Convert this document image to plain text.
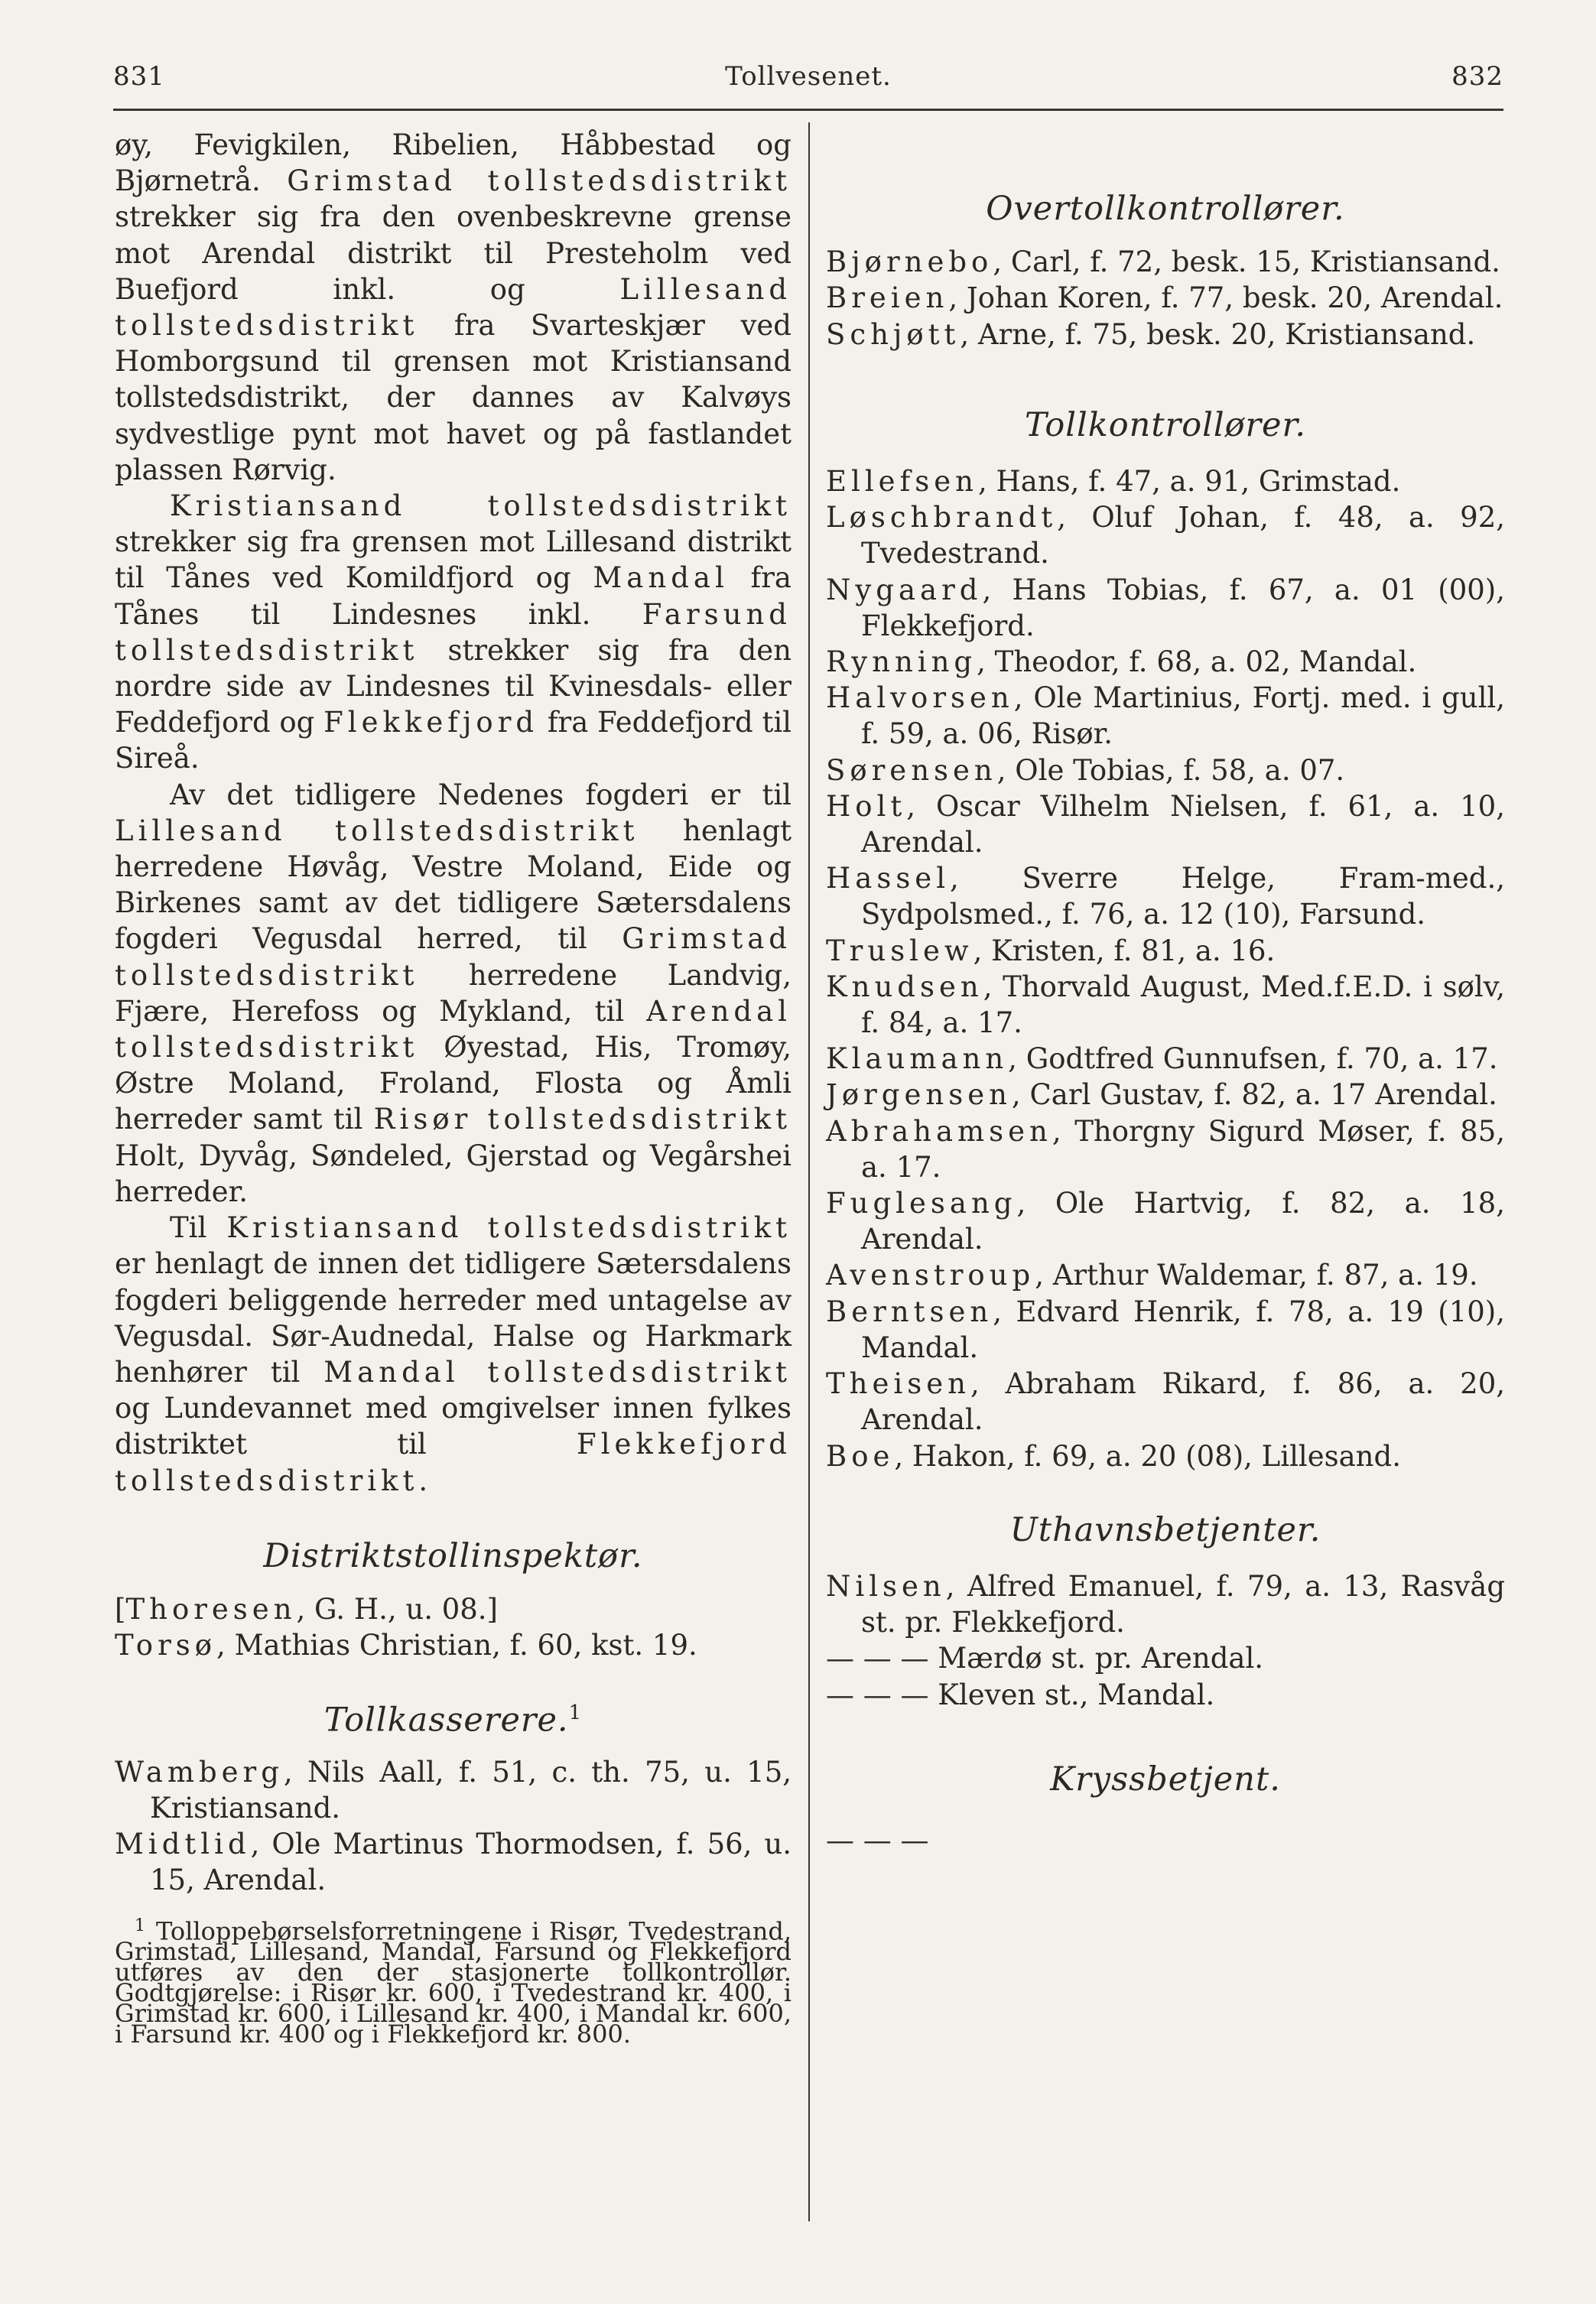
831	Tollvesenet.	832

øy, Fevigkilen, Ribelien, Håbbestad og Bjørnetrå. Grimstad tollstedsdistrikt strekker sig fra den ovenbeskrevne grense mot Arendal distrikt til Presteholm ved Buefjord inkl. og Lillesand tollstedsdistrikt fra Svarteskjær ved Homborgsund til grensen mot Kristiansand tollstedsdistrikt, der dannes av Kalvøys sydvestlige pynt mot havet og på fastlandet plassen Rørvig.

Kristiansand tollstedsdistrikt strekker sig fra grensen mot Lillesand distrikt til Tånes ved Komildfjord og Mandal fra Tånes til Lindesnes inkl. Farsund tollstedsdistrikt strekker sig fra den nordre side av Lindesnes til Kvinesdals- eller Feddefjord og Flekkefjord fra Feddefjord til Sireå.

Av det tidligere Nedenes fogderi er til Lillesand tollstedsdistrikt henlagt herredene Høvåg, Vestre Moland, Eide og Birkenes samt av det tidligere Sætersdalens fogderi Vegusdal herred, til Grimstad tollstedsdistrikt herredene Landvig, Fjære, Herefoss og Mykland, til Arendal tollstedsdistrikt Øyestad, His, Tromøy, Østre Moland, Froland, Flosta og Åmli herreder samt til Risør tollstedsdistrikt Holt, Dyvåg, Søndeled, Gjerstad og Vegårshei herreder.

Til Kristiansand tollstedsdistrikt er henlagt de innen det tidligere Sætersdalens fogderi beliggende herreder med untagelse av Vegusdal. Sør-Audnedal, Halse og Harkmark henhører til Mandal tollstedsdistrikt og Lundevannet med omgivelser innen fylkes distriktet til Flekkefjord tollstedsdistrikt.

Distriktstollinspektør.

[Thoresen, G. H., u. 08.]

Torsø, Mathias Christian, f. 60, kst. 19.

Tollkasserere.$^1$

Wamberg, Nils Aall, f. 51, c. th. 75, u. 15, Kristiansand.

Midtlid, Ole Martinus Thormodsen, f. 56, u. 15, Arendal.

$^1$ Tolloppebørselsforretningene i Risør, Tvedestrand, Grimstad, Lillesand, Mandal, Farsund og Flekkefjord utføres av den der stasjonerte tollkontrollør. Godtgjørelse: i Risør kr. 600, i Tvedestrand kr. 400, i Grimstad kr. 600, i Lillesand kr. 400, i Mandal kr. 600, i Farsund kr. 400 og i Flekkefjord kr. 800.

Overtollkontrollører.

Bjørnebo, Carl, f. 72, besk. 15, Kristiansand.

Breien, Johan Koren, f. 77, besk. 20, Arendal.

Schjøtt, Arne, f. 75, besk. 20, Kristiansand.

Tollkontrollører.

Ellefsen, Hans, f. 47, a. 91, Grimstad.

Løschbrandt, Oluf Johan, f. 48, a. 92, Tvedestrand.

Nygaard, Hans Tobias, f. 67, a. 01 (00), Flekkefjord.

Rynning, Theodor, f. 68, a. 02, Mandal.

Halvorsen, Ole Martinius, Fortj. med. i gull, f. 59, a. 06, Risør.

Sørensen, Ole Tobias, f. 58, a. 07.

Holt, Oscar Vilhelm Nielsen, f. 61, a. 10, Arendal.

Hassel, Sverre Helge, Fram-med., Sydpolsmed., f. 76, a. 12 (10), Farsund.

Truslew, Kristen, f. 81, a. 16.

Knudsen, Thorvald August, Med.f.E.D. i sølv, f. 84, a. 17.

Klaumann, Godtfred Gunnufsen, f. 70, a. 17.

Jørgensen, Carl Gustav, f. 82, a. 17 Arendal.

Abrahamsen, Thorgny Sigurd Møser, f. 85, a. 17.

Fuglesang, Ole Hartvig, f. 82, a. 18, Arendal.

Avenstroup, Arthur Waldemar, f. 87, a. 19.

Berntsen, Edvard Henrik, f. 78, a. 19 (10), Mandal.

Theisen, Abraham Rikard, f. 86, a. 20, Arendal.

Boe, Hakon, f. 69, a. 20 (08), Lillesand.

Uthavnsbetjenter.

Nilsen, Alfred Emanuel, f. 79, a. 13, Rasvåg st. pr. Flekkefjord.

— — — Mærdø st. pr. Arendal.

— — — Kleven st., Mandal.

Kryssbetjent.

— — —
